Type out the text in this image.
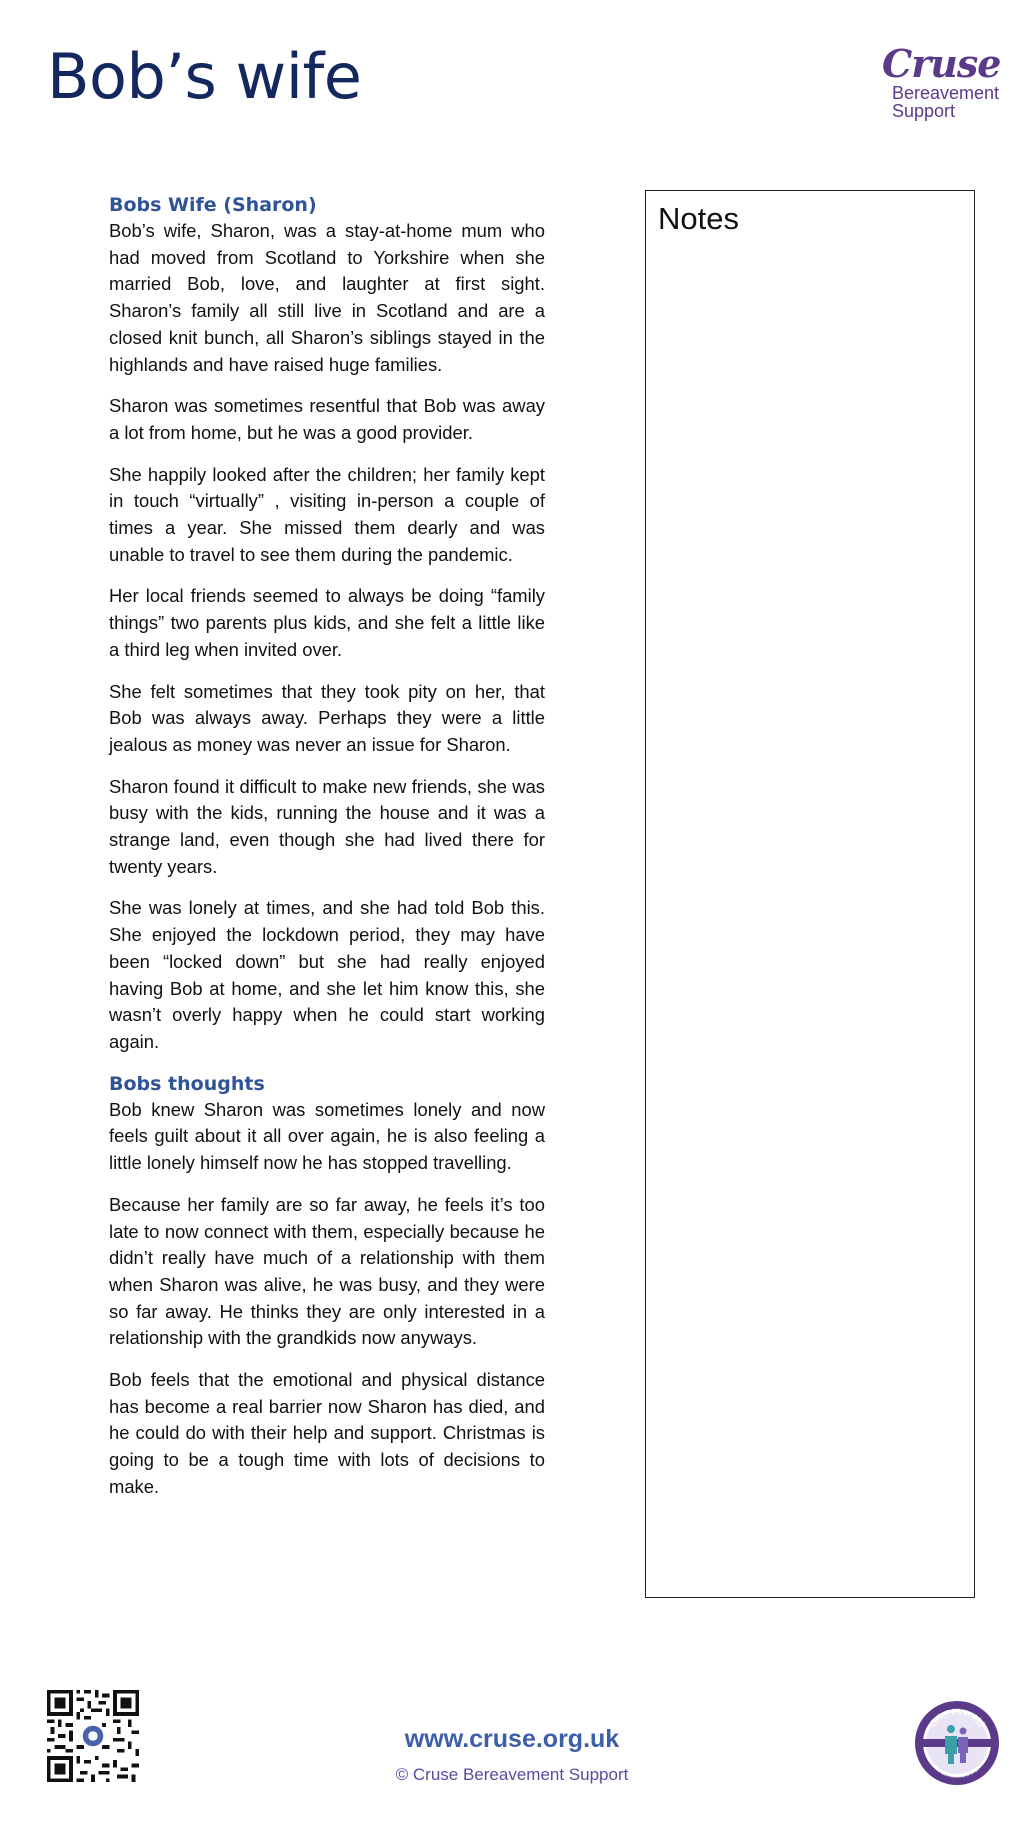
Bob’s wife	Cruse
Bereavement
Support
Bobs Wife (Sharon)

Bob’s wife, Sharon, was a stay-at-home mum who had moved from Scotland to Yorkshire when she married Bob, love, and laughter at first sight. Sharon’s family all still live in Scotland and are a closed knit bunch, all Sharon’s siblings stayed in the highlands and have raised huge families.

Sharon was sometimes resentful that Bob was away a lot from home, but he was a good provider.

She happily looked after the children; her family kept in touch “virtually” , visiting in-person a couple of times a year. She missed them dearly and was unable to travel to see them during the pandemic.

Her local friends seemed to always be doing “family things” two parents plus kids, and she felt a little like a third leg when invited over.

She felt sometimes that they took pity on her, that Bob was always away. Perhaps they were a little jealous as money was never an issue for Sharon.

Sharon found it difficult to make new friends, she was busy with the kids, running the house and it was a strange land, even though she had lived there for twenty years.

She was lonely at times, and she had told Bob this. She enjoyed the lockdown period, they may have been “locked down” but she had really enjoyed having Bob at home, and she let him know this, she wasn’t overly happy when he could start working again.

Bobs thoughts

Bob knew Sharon was sometimes lonely and now feels guilt about it all over again, he is also feeling a little lonely himself now he has stopped travelling.

Because her family are so far away, he feels it’s too late to now connect with them, especially because he didn’t really have much of a relationship with them when Sharon was alive, he was busy, and they were so far away. He thinks they are only interested in a relationship with the grandkids now anyways.

Bob feels that the emotional and physical distance has become a real barrier now Sharon has died, and he could do with their help and support. Christmas is going to be a tough time with lots of decisions to make.

Notes
www.cruse.org.uk
© Cruse Bereavement Support
Grief First Aid
Cruse Bereavement Support
